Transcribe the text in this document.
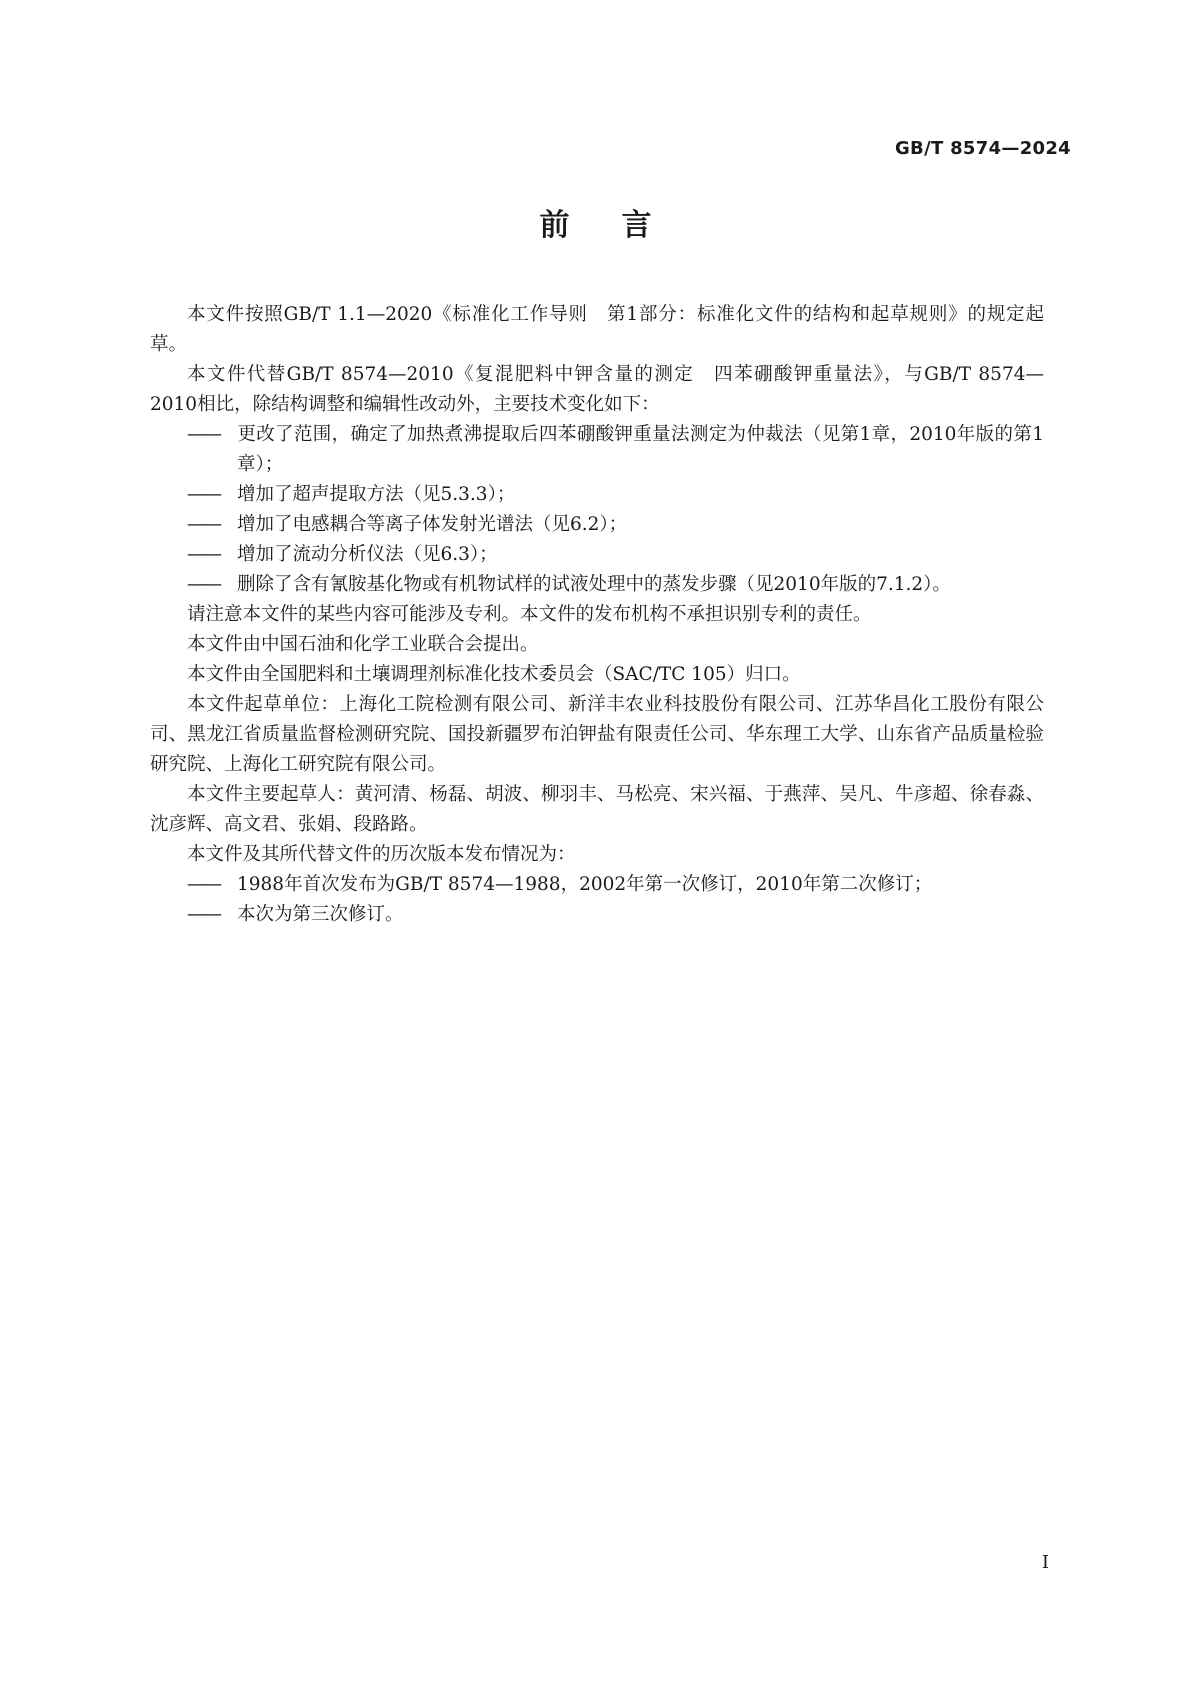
GB/T 8574—2024
前言

本文件按照GB/T 1.1—2020《标准化工作导则　第1部分：标准化文件的结构和起草规则》的规定起草。

本文件代替GB/T 8574—2010《复混肥料中钾含量的测定　四苯硼酸钾重量法》，与GB/T 8574—2010相比，除结构调整和编辑性改动外，主要技术变化如下：

—— 更改了范围，确定了加热煮沸提取后四苯硼酸钾重量法测定为仲裁法（见第1章，2010年版的第1章）；

—— 增加了超声提取方法（见5.3.3）；

—— 增加了电感耦合等离子体发射光谱法（见6.2）；

—— 增加了流动分析仪法（见6.3）；

—— 删除了含有氰胺基化物或有机物试样的试液处理中的蒸发步骤（见2010年版的7.1.2）。

请注意本文件的某些内容可能涉及专利。本文件的发布机构不承担识别专利的责任。

本文件由中国石油和化学工业联合会提出。

本文件由全国肥料和土壤调理剂标准化技术委员会（SAC/TC 105）归口。

本文件起草单位：上海化工院检测有限公司、新洋丰农业科技股份有限公司、江苏华昌化工股份有限公司、黑龙江省质量监督检测研究院、国投新疆罗布泊钾盐有限责任公司、华东理工大学、山东省产品质量检验研究院、上海化工研究院有限公司。

本文件主要起草人：黄河清、杨磊、胡波、柳羽丰、马松亮、宋兴福、于燕萍、吴凡、牛彦超、徐春淼、沈彦辉、高文君、张娟、段路路。

本文件及其所代替文件的历次版本发布情况为：

—— 1988年首次发布为GB/T 8574—1988，2002年第一次修订，2010年第二次修订；

—— 本次为第三次修订。

I
